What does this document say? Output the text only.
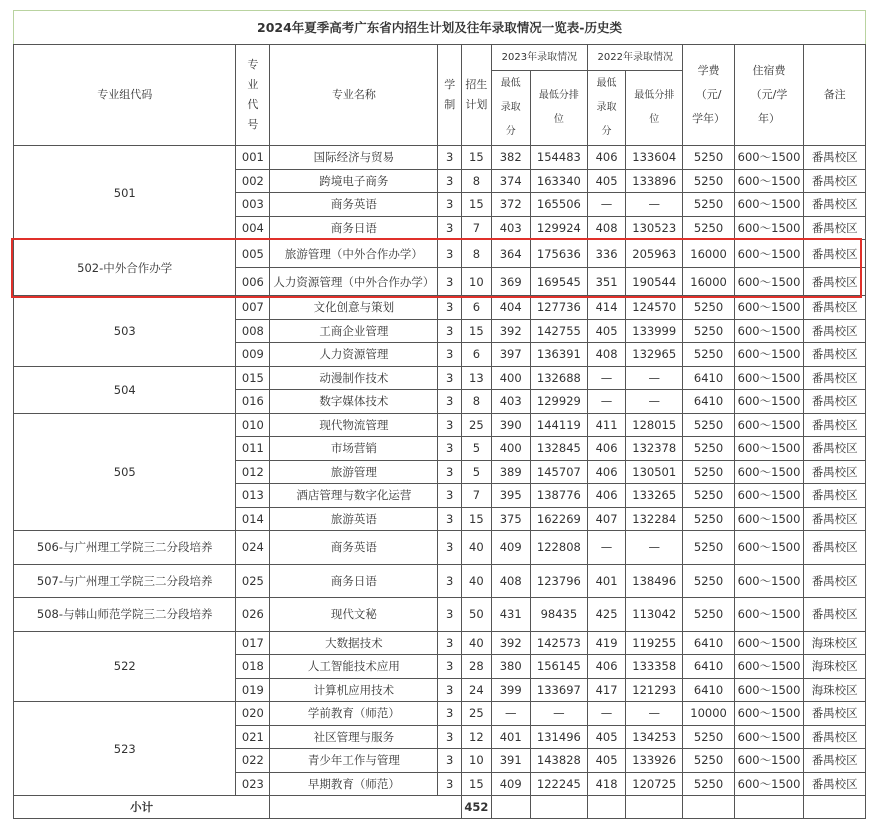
2024年夏季高考广东省内招生计划及往年录取情况一览表-历史类
专业组代码	专业代号	专业名称	学制	招生计划	2023年录取情况		2022年录取情况		学费（元/学年）	住宿费（元/学年）	备注
					最低录取分	最低分排位	最低录取分	最低分排位			
501	001	国际经济与贸易	3	15	382	154483	406	133604	5250	600～1500	番禺校区
	002	跨境电子商务	3	8	374	163340	405	133896	5250	600～1500	番禺校区
	003	商务英语	3	15	372	165506	—	—	5250	600～1500	番禺校区
	004	商务日语	3	7	403	129924	408	130523	5250	600～1500	番禺校区
502-中外合作办学	005	旅游管理（中外合作办学）	3	8	364	175636	336	205963	16000	600～1500	番禺校区
	006	人力资源管理（中外合作办学）	3	10	369	169545	351	190544	16000	600～1500	番禺校区
503	007	文化创意与策划	3	6	404	127736	414	124570	5250	600～1500	番禺校区
	008	工商企业管理	3	15	392	142755	405	133999	5250	600～1500	番禺校区
	009	人力资源管理	3	6	397	136391	408	132965	5250	600～1500	番禺校区
504	015	动漫制作技术	3	13	400	132688	—	—	6410	600～1500	番禺校区
	016	数字媒体技术	3	8	403	129929	—	—	6410	600～1500	番禺校区
505	010	现代物流管理	3	25	390	144119	411	128015	5250	600～1500	番禺校区
	011	市场营销	3	5	400	132845	406	132378	5250	600～1500	番禺校区
	012	旅游管理	3	5	389	145707	406	130501	5250	600～1500	番禺校区
	013	酒店管理与数字化运营	3	7	395	138776	406	133265	5250	600～1500	番禺校区
	014	旅游英语	3	15	375	162269	407	132284	5250	600～1500	番禺校区
506-与广州理工学院三二分段培养	024	商务英语	3	40	409	122808	—	—	5250	600～1500	番禺校区
507-与广州理工学院三二分段培养	025	商务日语	3	40	408	123796	401	138496	5250	600～1500	番禺校区
508-与韩山师范学院三二分段培养	026	现代文秘	3	50	431	98435	425	113042	5250	600～1500	番禺校区
522	017	大数据技术	3	40	392	142573	419	119255	6410	600～1500	海珠校区
	018	人工智能技术应用	3	28	380	156145	406	133358	6410	600～1500	海珠校区
	019	计算机应用技术	3	24	399	133697	417	121293	6410	600～1500	海珠校区
523	020	学前教育（师范）	3	25	—	—	—	—	10000	600～1500	番禺校区
	021	社区管理与服务	3	12	401	131496	405	134253	5250	600～1500	番禺校区
	022	青少年工作与管理	3	10	391	143828	405	133926	5250	600～1500	番禺校区
	023	早期教育（师范）	3	15	409	122245	418	120725	5250	600～1500	番禺校区
小计				452							
